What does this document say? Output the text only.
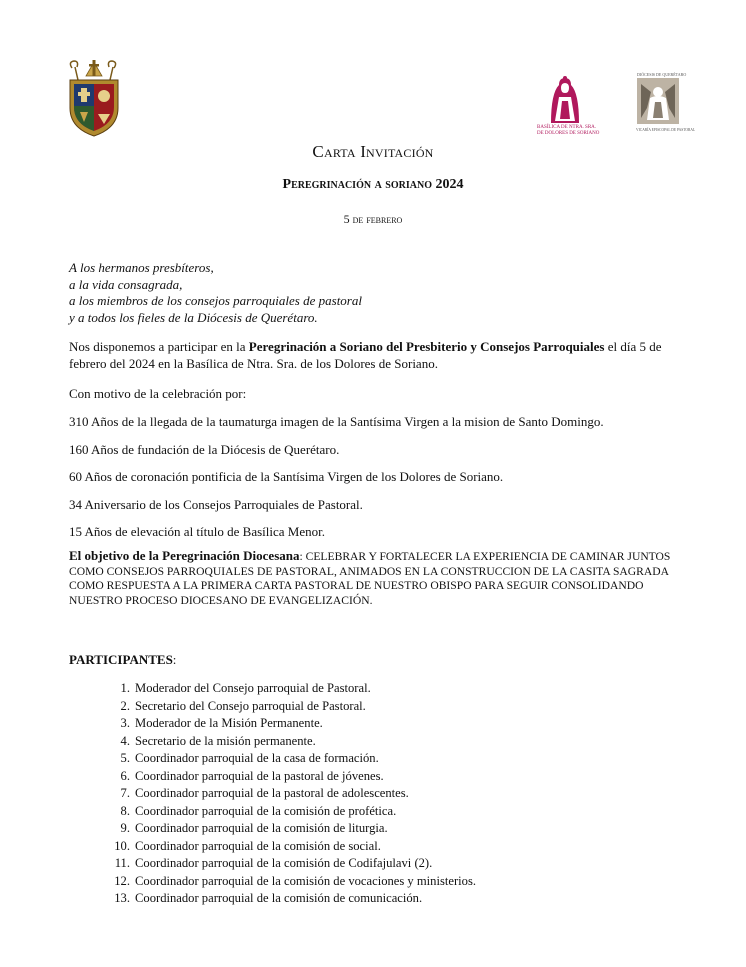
BASÍLICA DE NTRA. SRA.
DE DOLORES DE SORIANO
DIÓCESIS DE QUERÉTARO
VICARÍA EPISCOPAL DE PASTORAL
Carta Invitación
Peregrinación a soriano 2024
5 de febrero
A los hermanos presbíteros,
a la vida consagrada,
a los miembros de los consejos parroquiales de pastoral
y a todos los fieles de la Diócesis de Querétaro.
Nos disponemos a participar en la Peregrinación a Soriano del Presbiterio y Consejos Parroquiales el día 5 de febrero del 2024 en la Basílica de Ntra. Sra. de los Dolores de Soriano.
Con motivo de la celebración por:
310 Años de la llegada de la taumaturga imagen de la Santísima Virgen a la mision de Santo Domingo.
160 Años de fundación de la Diócesis de Querétaro.
60 Años de coronación pontificia de la Santísima Virgen de los Dolores de Soriano.
34 Aniversario de los Consejos Parroquiales de Pastoral.
15 Años de elevación al título de Basílica Menor.
El objetivo de la Peregrinación Diocesana: CELEBRAR Y FORTALECER LA EXPERIENCIA DE CAMINAR JUNTOS COMO CONSEJOS PARROQUIALES DE PASTORAL, ANIMADOS EN LA CONSTRUCCION DE LA CASITA SAGRADA COMO RESPUESTA A LA PRIMERA CARTA PASTORAL DE NUESTRO OBISPO PARA SEGUIR CONSOLIDANDO NUESTRO PROCESO DIOCESANO DE EVANGELIZACIÓN.
PARTICIPANTES:
1. Moderador del Consejo parroquial de Pastoral.
2. Secretario del Consejo parroquial de Pastoral.
3. Moderador de la Misión Permanente.
4. Secretario de la misión permanente.
5. Coordinador parroquial de la casa de formación.
6. Coordinador parroquial de la pastoral de jóvenes.
7. Coordinador parroquial de la pastoral de adolescentes.
8. Coordinador parroquial de la comisión de profética.
9. Coordinador parroquial de la comisión de liturgia.
10. Coordinador parroquial de la comisión de social.
11. Coordinador parroquial de la comisión de Codifajulavi (2).
12. Coordinador parroquial de la comisión de vocaciones y ministerios.
13. Coordinador parroquial de la comisión de comunicación.
